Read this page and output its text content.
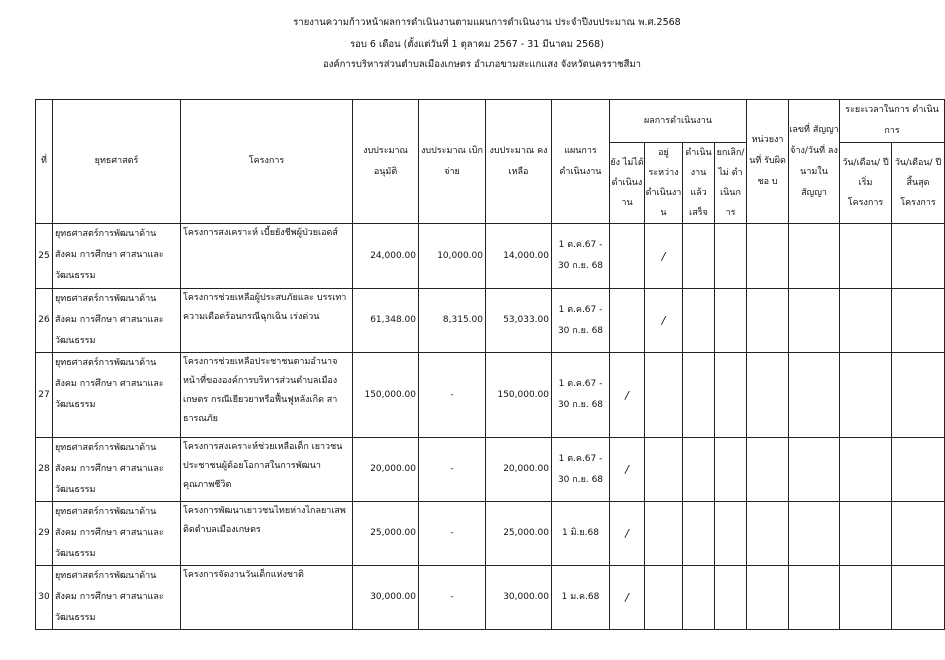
รายงานความก้าวหน้าผลการดำเนินงานตามแผนการดำเนินงาน ประจำปีงบประมาณ พ.ศ.2568
รอบ 6 เดือน (ตั้งแต่วันที่ 1 ตุลาคม 2567 - 31 มีนาคม 2568)
องค์การบริหารส่วนตำบลเมืองเกษตร อำเภอขามสะแกแสง จังหวัดนครราชสีมา
ที่	ยุทธศาสตร์	โครงการ	งบประมาณ อนุมัติ	งบประมาณ เบิกจ่าย	งบประมาณ คงเหลือ	แผนการ ดำเนินงาน	ผลการดำเนินงาน				หน่วยงา นที่ รับผิดชอ บ	เลขที่ สัญญา จ้าง/วันที่ ลงนามใน สัญญา	ระยะเวลาในการ ดำเนินการ	
							ยัง ไม่ได้ ดำเนินง าน	อยู่ ระหว่าง ดำเนินงา น	ดำเนิน งาน แล้ว เสร็จ	ยกเลิก/ ไม่ ดำเนินก าร			วัน/เดือน/ ปี เริ่ม โครงการ	วัน/เดือน/ ปี สิ้นสุด โครงการ
25	ยุทธศาสตร์การพัฒนาด้าน สังคม การศึกษา ศาสนาและ วัฒนธรรม	โครงการสงเคราะห์ เบี้ยยังชีพผู้ป่วยเอดส์	24,000.00	10,000.00	14,000.00	1 ต.ค.67 -
30 ก.ย. 68		/						
26	ยุทธศาสตร์การพัฒนาด้าน สังคม การศึกษา ศาสนาและ วัฒนธรรม	โครงการช่วยเหลือผู้ประสบภัยและ บรรเทาความเดือดร้อนกรณีฉุกเฉิน เร่งด่วน	61,348.00	8,315.00	53,033.00	1 ต.ค.67 -
30 ก.ย. 68		/						
27	ยุทธศาสตร์การพัฒนาด้าน สังคม การศึกษา ศาสนาและ วัฒนธรรม	โครงการช่วยเหลือประชาชนตามอำนาจ หน้าที่ขององค์การบริหารส่วนตำบลเมือง เกษตร กรณีเยียวยาหรือฟื้นฟูหลังเกิด สา ธารณภัย	150,000.00	-	150,000.00	1 ต.ค.67 -
30 ก.ย. 68	/							
28	ยุทธศาสตร์การพัฒนาด้าน สังคม การศึกษา ศาสนาและ วัฒนธรรม	โครงการสงเคราะห์ช่วยเหลือเด็ก เยาวชน ประชาชนผู้ด้อยโอกาสในการพัฒนา คุณภาพชีวิต	20,000.00	-	20,000.00	1 ต.ค.67 -
30 ก.ย. 68	/							
29	ยุทธศาสตร์การพัฒนาด้าน สังคม การศึกษา ศาสนาและ วัฒนธรรม	โครงการพัฒนาเยาวชนไทยห่างไกลยาเสพ ติดตำบลเมืองเกษตร	25,000.00	-	25,000.00	1 มิ.ย.68	/							
30	ยุทธศาสตร์การพัฒนาด้าน สังคม การศึกษา ศาสนาและ วัฒนธรรม	โครงการจัดงานวันเด็กแห่งชาติ	30,000.00	-	30,000.00	1 ม.ค.68	/							
